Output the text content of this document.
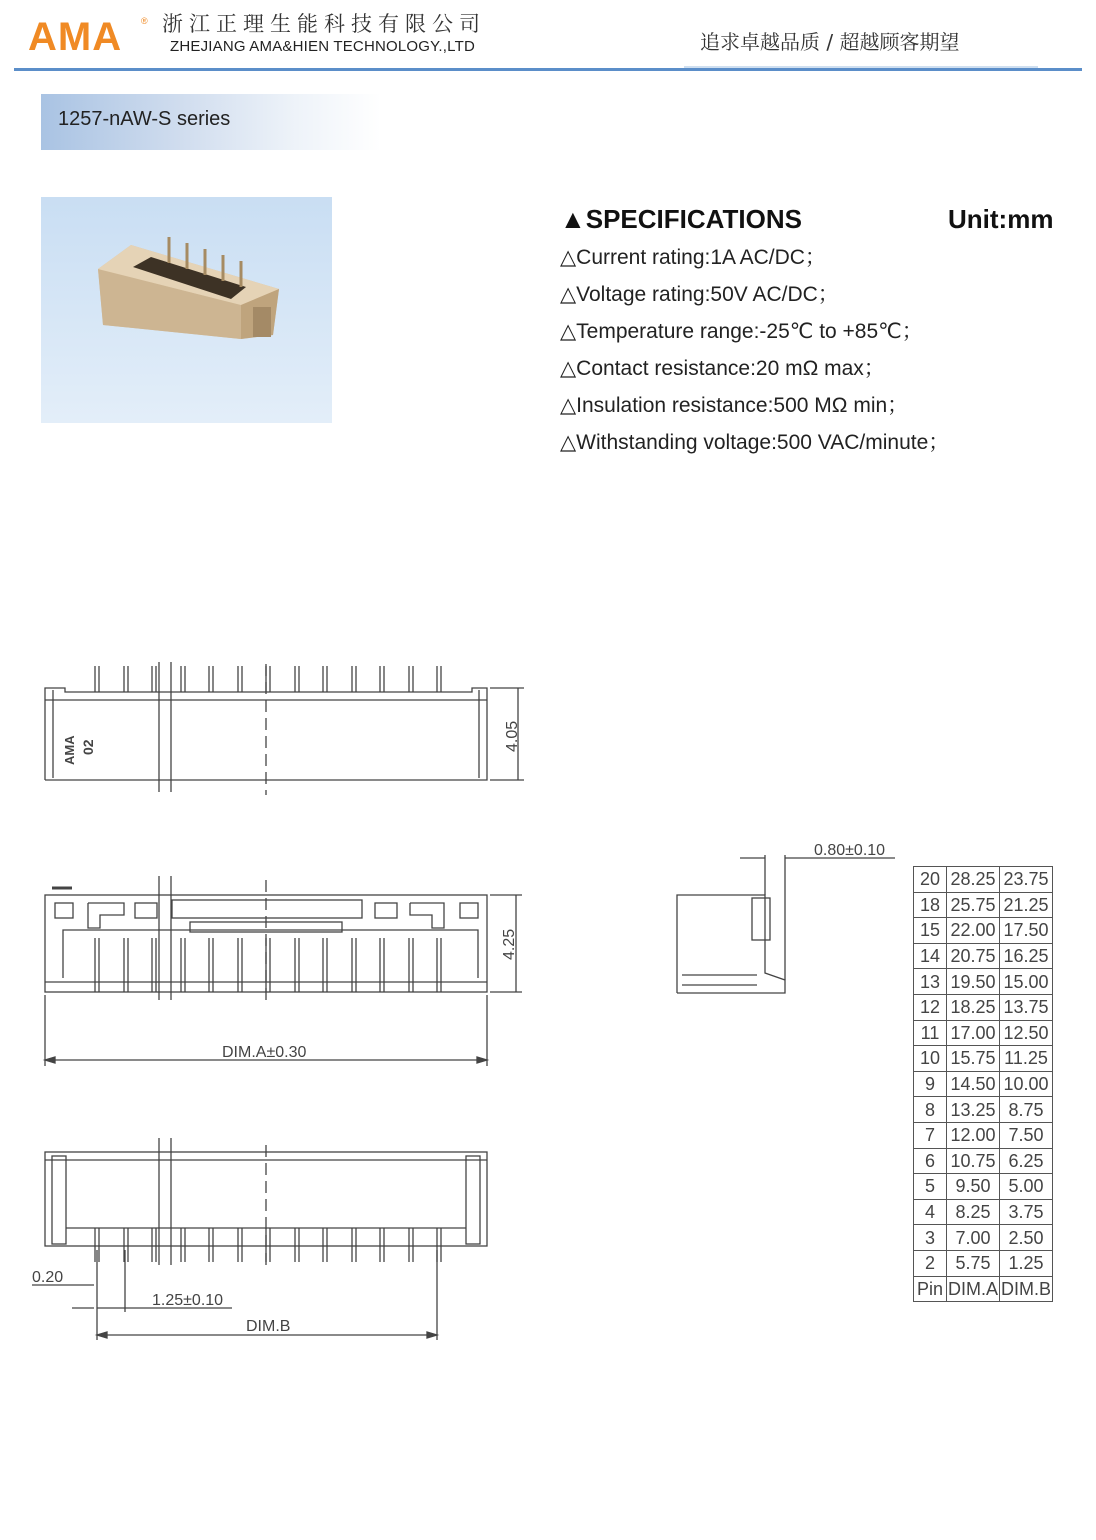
AMA ® 浙江正理生能科技有限公司
ZHEJIANG AMA&HIEN TECHNOLOGY.,LTD	追求卓越品质 / 超越顾客期望
1257-nAW-S series
▲SPECIFICATIONS	Unit:mm
△Current rating:1A AC/DC；
△Voltage rating:50V AC/DC；
△Temperature range:-25℃ to +85℃；
△Contact resistance:20 mΩ max；
△Insulation resistance:500 MΩ min；
△Withstanding voltage:500 VAC/minute；
4.05
4.25
AMA 02
DIM.A±0.30
0.20
1.25±0.10
DIM.B
0.80±0.10
20	28.25	23.75
18	25.75	21.25
15	22.00	17.50
14	20.75	16.25
13	19.50	15.00
12	18.25	13.75
11	17.00	12.50
10	15.75	11.25
9	14.50	10.00
8	13.25	8.75
7	12.00	7.50
6	10.75	6.25
5	9.50	5.00
4	8.25	3.75
3	7.00	2.50
2	5.75	1.25
Pin	DIM.A	DIM.B
